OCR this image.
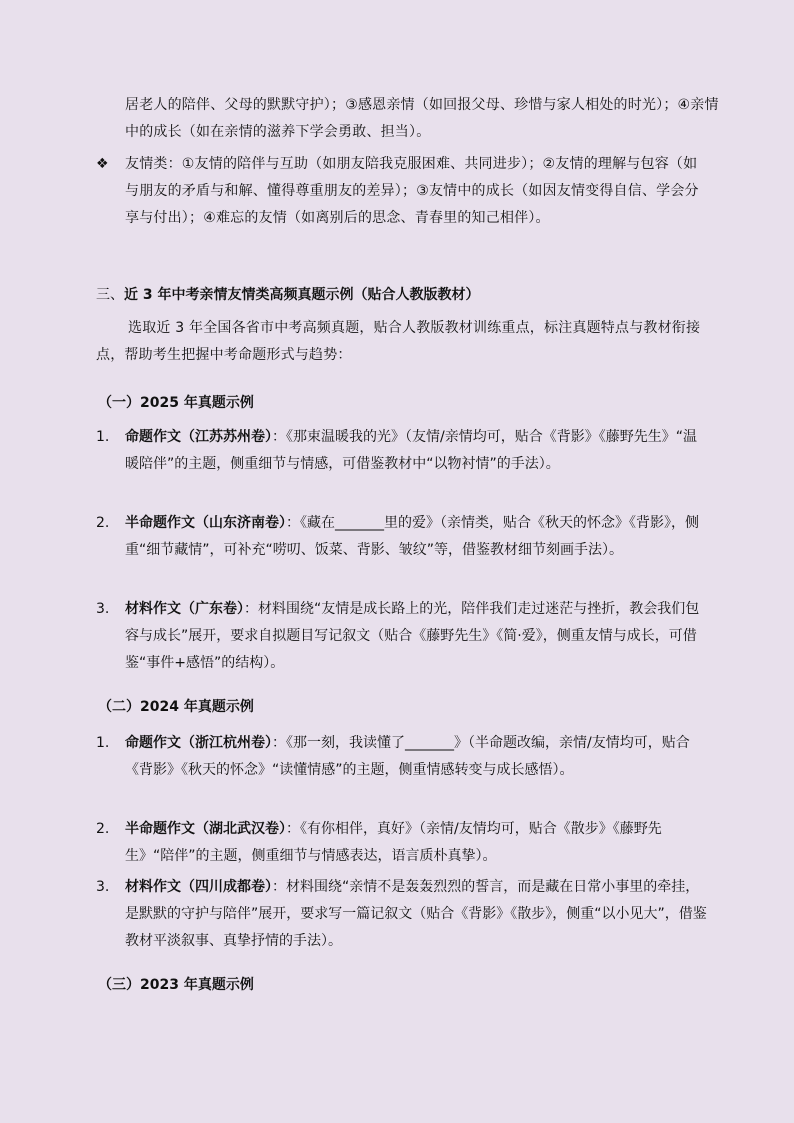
居老人的陪伴、父母的默默守护）；③感恩亲情（如回报父母、珍惜与家人相处的时光）；④亲情中的成长（如在亲情的滋养下学会勇敢、担当）。
❖	友情类：①友情的陪伴与互助（如朋友陪我克服困难、共同进步）；②友情的理解与包容（如与朋友的矛盾与和解、懂得尊重朋友的差异）；③友情中的成长（如因友情变得自信、学会分享与付出）；④难忘的友情（如离别后的思念、青春里的知己相伴）。
三、近 3 年中考亲情友情类高频真题示例（贴合人教版教材）
选取近 3 年全国各省市中考高频真题，贴合人教版教材训练重点，标注真题特点与教材衔接点，帮助考生把握中考命题形式与趋势：
（一）2025 年真题示例
1.	命题作文（江苏苏州卷）：《那束温暖我的光》（友情/亲情均可，贴合《背影》《藤野先生》“温暖陪伴”的主题，侧重细节与情感，可借鉴教材中“以物衬情”的手法）。
2.	半命题作文（山东济南卷）：《藏在_______里的爱》（亲情类，贴合《秋天的怀念》《背影》，侧重“细节藏情”，可补充“唠叨、饭菜、背影、皱纹”等，借鉴教材细节刻画手法）。
3.	材料作文（广东卷）：材料围绕“友情是成长路上的光，陪伴我们走过迷茫与挫折，教会我们包容与成长”展开，要求自拟题目写记叙文（贴合《藤野先生》《简·爱》，侧重友情与成长，可借鉴“事件+感悟”的结构）。
（二）2024 年真题示例
1.	命题作文（浙江杭州卷）：《那一刻，我读懂了_______》（半命题改编，亲情/友情均可，贴合《背影》《秋天的怀念》“读懂情感”的主题，侧重情感转变与成长感悟）。
2.	半命题作文（湖北武汉卷）：《有你相伴，真好》（亲情/友情均可，贴合《散步》《藤野先生》“陪伴”的主题，侧重细节与情感表达，语言质朴真挚）。
3.	材料作文（四川成都卷）：材料围绕“亲情不是轰轰烈烈的誓言，而是藏在日常小事里的牵挂，是默默的守护与陪伴”展开，要求写一篇记叙文（贴合《背影》《散步》，侧重“以小见大”，借鉴教材平淡叙事、真挚抒情的手法）。
（三）2023 年真题示例
